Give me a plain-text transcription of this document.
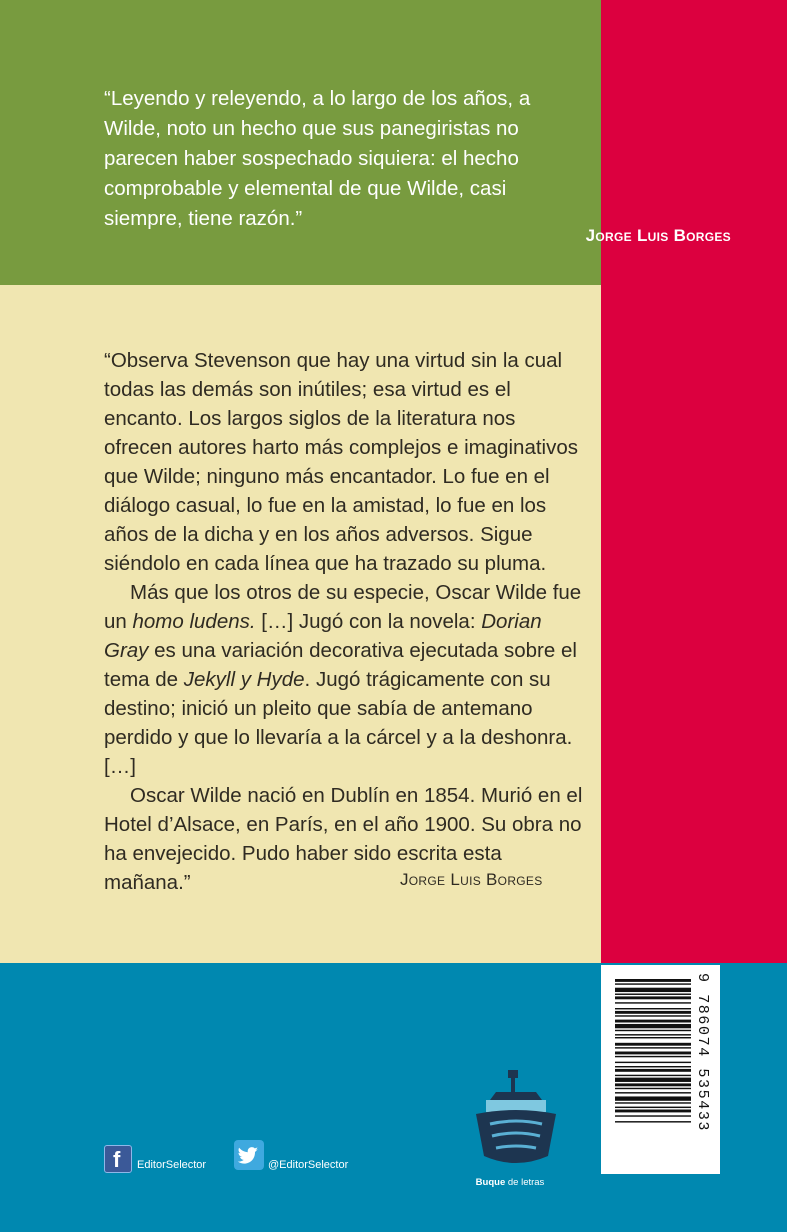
“Leyendo y releyendo, a lo largo de los años, a Wilde, noto un hecho que sus panegiristas no parecen haber sospechado siquiera: el hecho comprobable y elemental de que Wilde, casi siempre, tiene razón.”

Jorge Luis Borges

“Observa Stevenson que hay una virtud sin la cual todas las demás son inútiles; esa virtud es el encanto. Los largos siglos de la literatura nos ofrecen autores harto más complejos e imaginativos que Wilde; ninguno más encantador. Lo fue en el diálogo casual, lo fue en la amistad, lo fue en los años de la dicha y en los años adversos. Sigue siéndolo en cada línea que ha trazado su pluma.

Más que los otros de su especie, Oscar Wilde fue un homo ludens. […] Jugó con la novela: Dorian Gray es una variación decorativa ejecutada sobre el tema de Jekyll y Hyde. Jugó trágicamente con su destino; inició un pleito que sabía de antemano perdido y que lo llevaría a la cárcel y a la deshonra. […]

Oscar Wilde nació en Dublín en 1854. Murió en el Hotel d’Alsace, en París, en el año 1900. Su obra no ha envejecido. Pudo haber sido escrita esta mañana.”	Jorge Luis Borges
9 786074 535433
Buque de letras
f EditorSelector	@EditorSelector
